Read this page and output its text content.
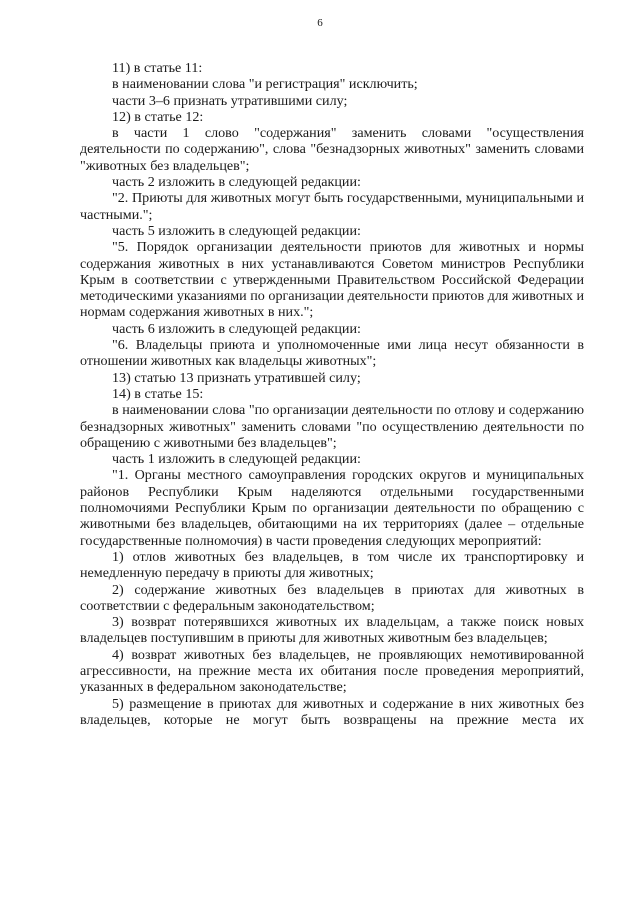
6

11) в статье 11:

в наименовании слова "и регистрация" исключить;

части 3–6 признать утратившими силу;

12) в статье 12:

в части 1 слово "содержания" заменить словами "осуществления деятельности по содержанию", слова "безнадзорных животных" заменить словами "животных без владельцев";

часть 2 изложить в следующей редакции:

"2. Приюты для животных могут быть государственными, муниципальными и частными.";

часть 5 изложить в следующей редакции:

"5. Порядок организации деятельности приютов для животных и нормы содержания животных в них устанавливаются Советом министров Республики Крым в соответствии с утвержденными Правительством Российской Федерации методическими указаниями по организации деятельности приютов для животных и нормам содержания животных в них.";

часть 6 изложить в следующей редакции:

"6. Владельцы приюта и уполномоченные ими лица несут обязанности в отношении животных как владельцы животных";

13) статью 13 признать утратившей силу;

14) в статье 15:

в наименовании слова "по организации деятельности по отлову и содержанию безнадзорных животных" заменить словами "по осуществлению деятельности по обращению с животными без владельцев";

часть 1 изложить в следующей редакции:

"1. Органы местного самоуправления городских округов и муниципальных районов Республики Крым наделяются отдельными государственными полномочиями Республики Крым по организации деятельности по обращению с животными без владельцев, обитающими на их территориях (далее – отдельные государственные полномочия) в части проведения следующих мероприятий:

1) отлов животных без владельцев, в том числе их транспортировку и немедленную передачу в приюты для животных;

2) содержание животных без владельцев в приютах для животных в соответствии с федеральным законодательством;

3) возврат потерявшихся животных их владельцам, а также поиск новых владельцев поступившим в приюты для животных животным без владельцев;

4) возврат животных без владельцев, не проявляющих немотивированной агрессивности, на прежние места их обитания после проведения мероприятий, указанных в федеральном законодательстве;

5) размещение в приютах для животных и содержание в них животных без владельцев, которые не могут быть возвращены на прежние места их
